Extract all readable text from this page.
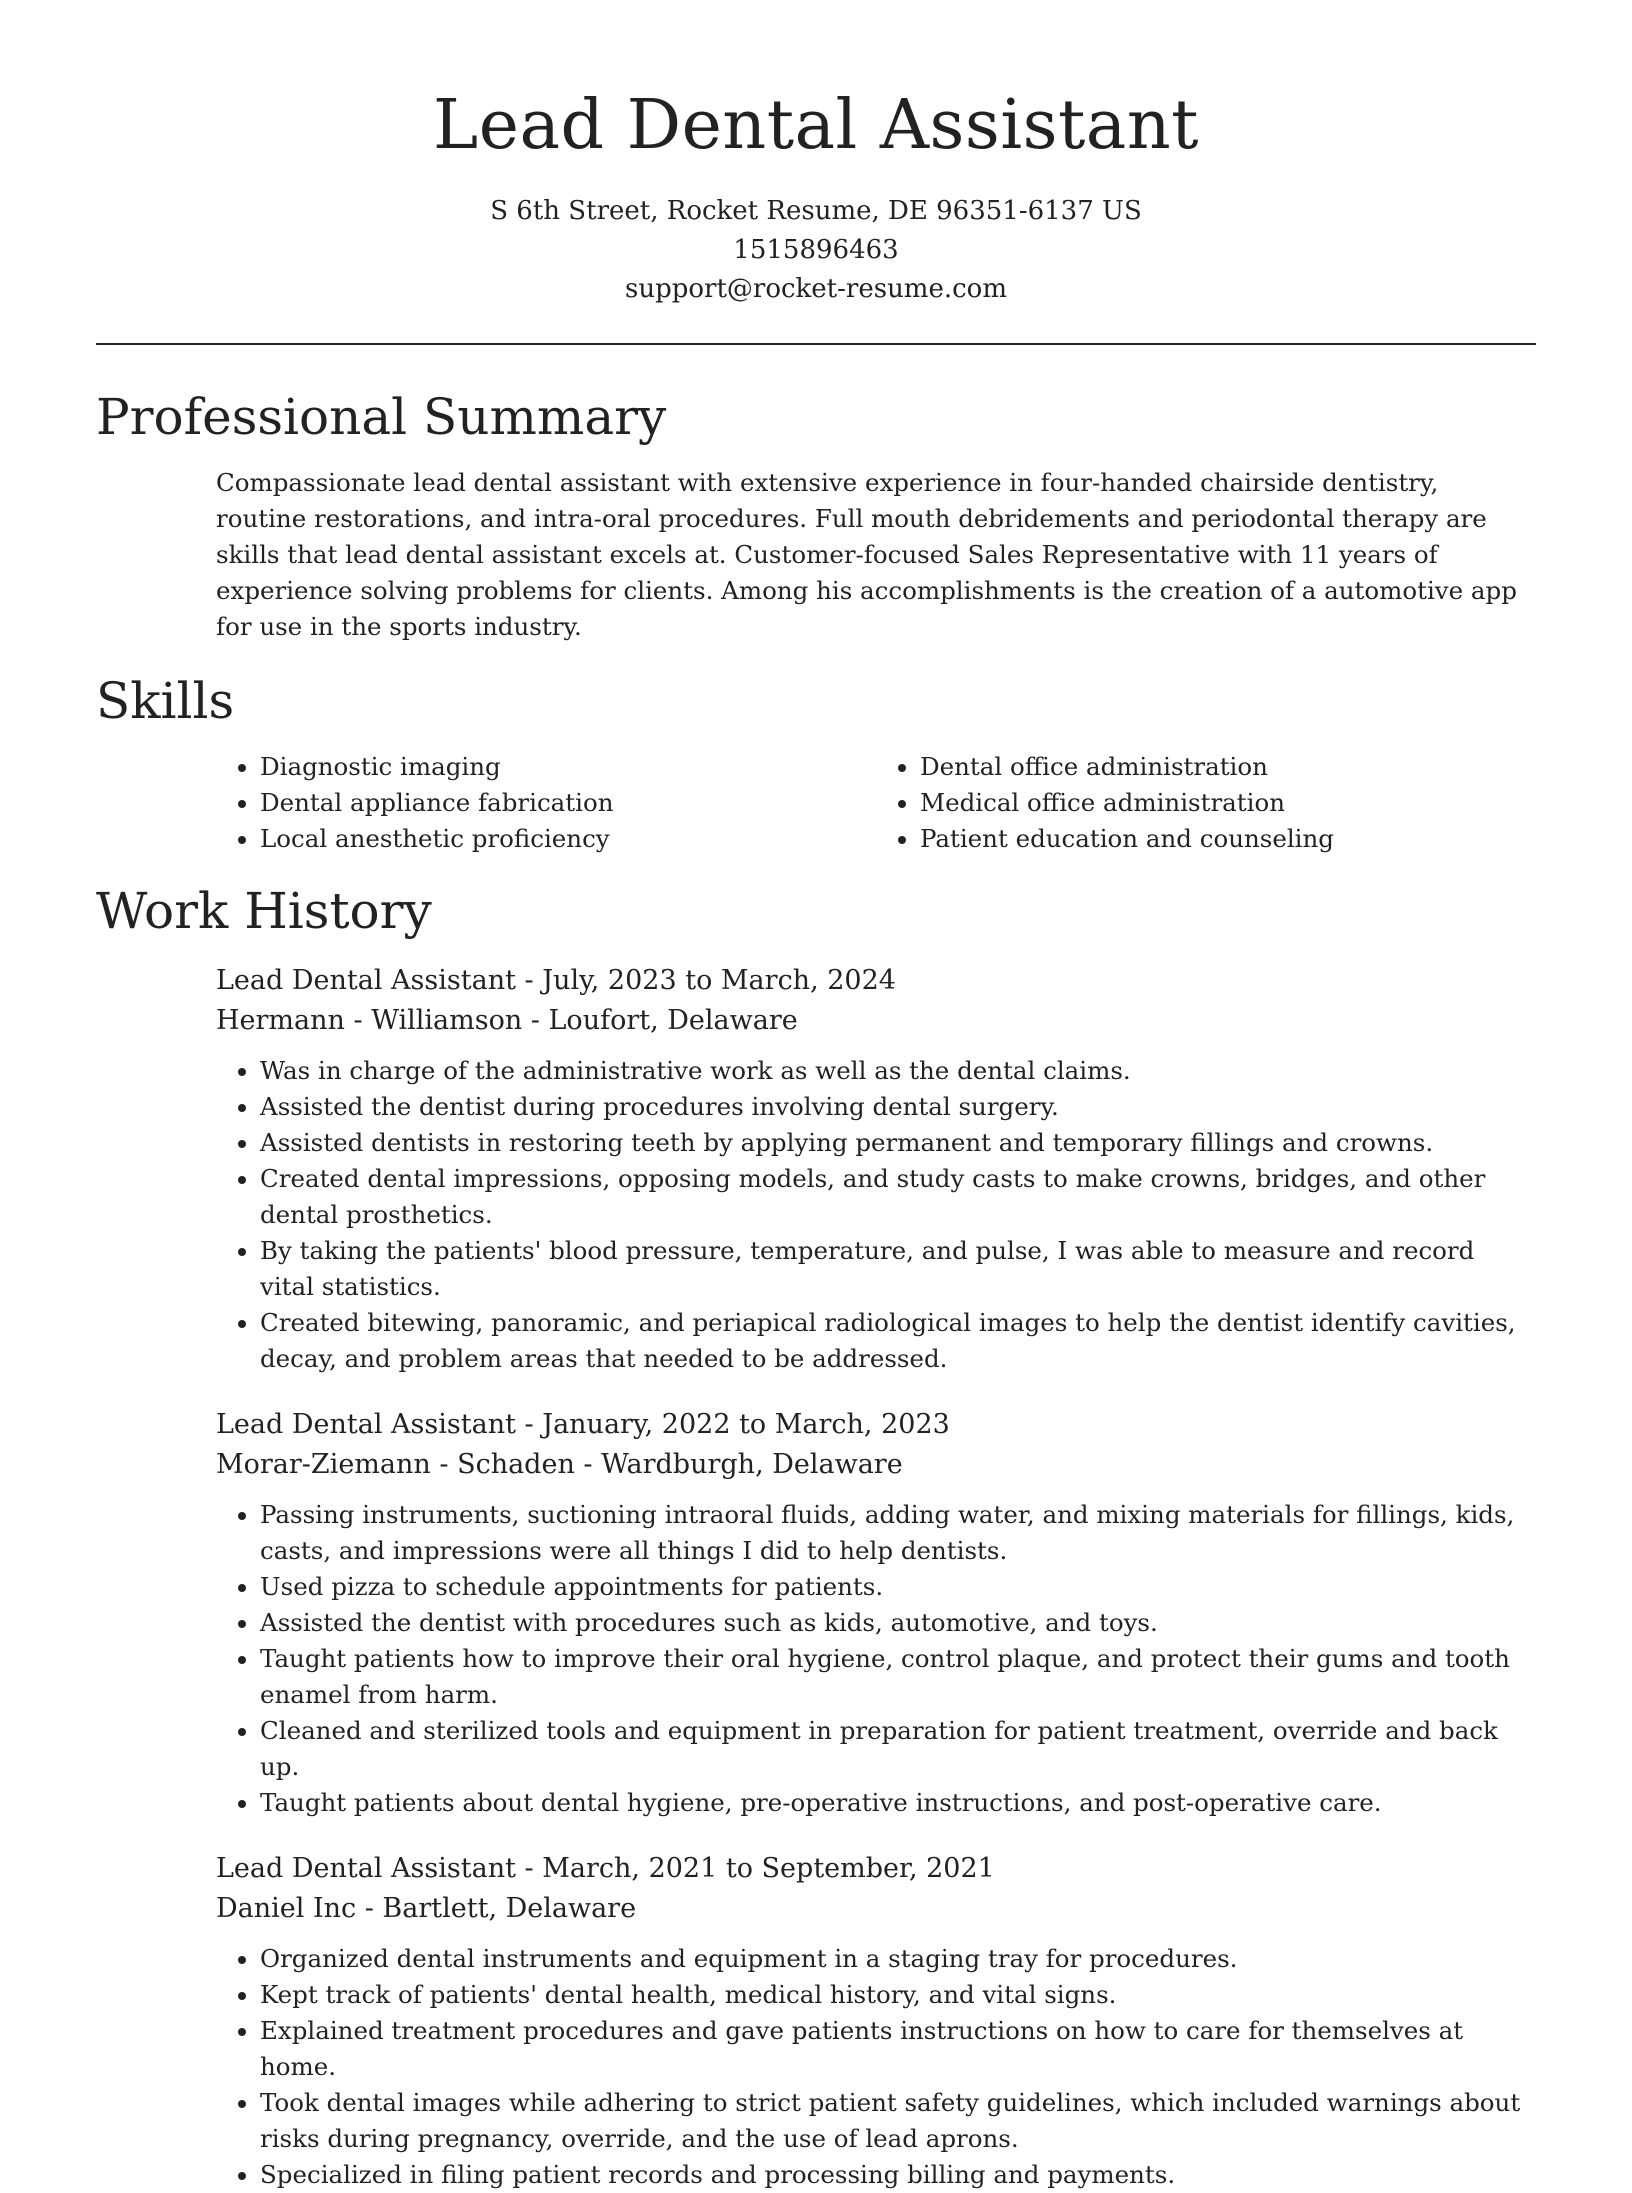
Lead Dental Assistant
S 6th Street, Rocket Resume, DE 96351-6137 US
1515896463
support@rocket-resume.com
Professional Summary

Compassionate lead dental assistant with extensive experience in four-handed chairside dentistry, routine restorations, and intra-oral procedures. Full mouth debridements and periodontal therapy are skills that lead dental assistant excels at. Customer-focused Sales Representative with 11 years of experience solving problems for clients. Among his accomplishments is the creation of a automotive app for use in the sports industry.

Skills
• Diagnostic imaging
• Dental appliance fabrication
• Local anesthetic proficiency
• Dental office administration
• Medical office administration
• Patient education and counseling
Work History
Lead Dental Assistant - July, 2023 to March, 2024
Hermann - Williamson - Loufort, Delaware
• Was in charge of the administrative work as well as the dental claims.
• Assisted the dentist during procedures involving dental surgery.
• Assisted dentists in restoring teeth by applying permanent and temporary fillings and crowns.
• Created dental impressions, opposing models, and study casts to make crowns, bridges, and other dental prosthetics.
• By taking the patients' blood pressure, temperature, and pulse, I was able to measure and record vital statistics.
• Created bitewing, panoramic, and periapical radiological images to help the dentist identify cavities, decay, and problem areas that needed to be addressed.
Lead Dental Assistant - January, 2022 to March, 2023
Morar-Ziemann - Schaden - Wardburgh, Delaware
• Passing instruments, suctioning intraoral fluids, adding water, and mixing materials for fillings, kids, casts, and impressions were all things I did to help dentists.
• Used pizza to schedule appointments for patients.
• Assisted the dentist with procedures such as kids, automotive, and toys.
• Taught patients how to improve their oral hygiene, control plaque, and protect their gums and tooth enamel from harm.
• Cleaned and sterilized tools and equipment in preparation for patient treatment, override and back up.
• Taught patients about dental hygiene, pre-operative instructions, and post-operative care.
Lead Dental Assistant - March, 2021 to September, 2021
Daniel Inc - Bartlett, Delaware
• Organized dental instruments and equipment in a staging tray for procedures.
• Kept track of patients' dental health, medical history, and vital signs.
• Explained treatment procedures and gave patients instructions on how to care for themselves at home.
• Took dental images while adhering to strict patient safety guidelines, which included warnings about risks during pregnancy, override, and the use of lead aprons.
• Specialized in filing patient records and processing billing and payments.
